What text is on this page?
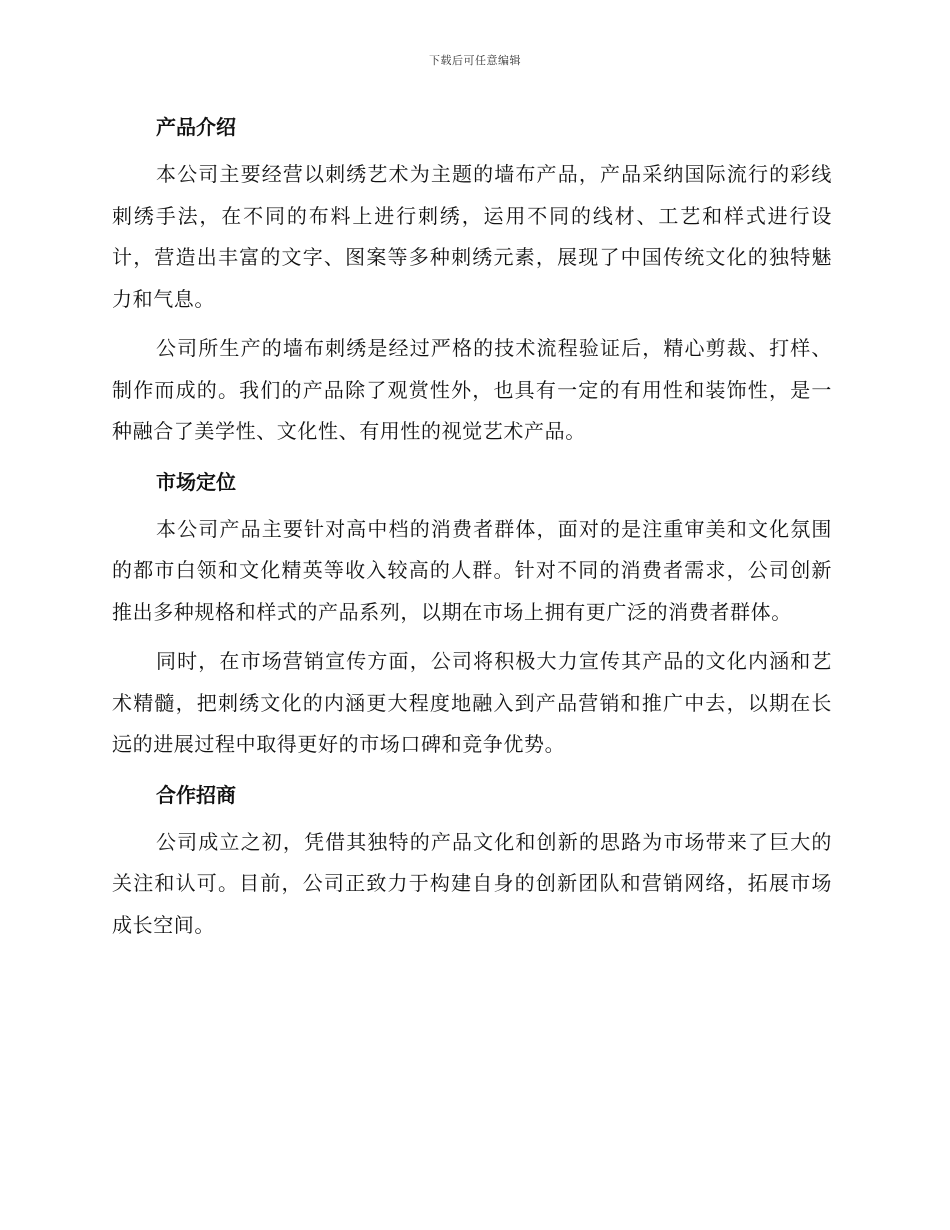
下载后可任意编辑
产品介绍

本公司主要经营以刺绣艺术为主题的墙布产品，产品采纳国际流行的彩线刺绣手法，在不同的布料上进行刺绣，运用不同的线材、工艺和样式进行设计，营造出丰富的文字、图案等多种刺绣元素，展现了中国传统文化的独特魅力和气息。

公司所生产的墙布刺绣是经过严格的技术流程验证后，精心剪裁、打样、制作而成的。我们的产品除了观赏性外，也具有一定的有用性和装饰性，是一种融合了美学性、文化性、有用性的视觉艺术产品。

市场定位

本公司产品主要针对高中档的消费者群体，面对的是注重审美和文化氛围的都市白领和文化精英等收入较高的人群。针对不同的消费者需求，公司创新推出多种规格和样式的产品系列，以期在市场上拥有更广泛的消费者群体。

同时，在市场营销宣传方面，公司将积极大力宣传其产品的文化内涵和艺术精髓，把刺绣文化的内涵更大程度地融入到产品营销和推广中去，以期在长远的进展过程中取得更好的市场口碑和竞争优势。

合作招商

公司成立之初，凭借其独特的产品文化和创新的思路为市场带来了巨大的关注和认可。目前，公司正致力于构建自身的创新团队和营销网络，拓展市场成长空间。
